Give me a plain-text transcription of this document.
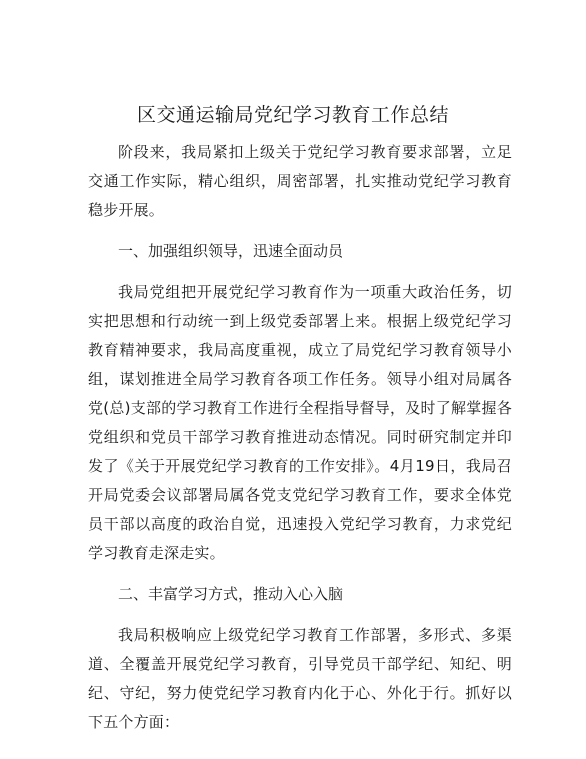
区交通运输局党纪学习教育工作总结

阶段来，我局紧扣上级关于党纪学习教育要求部署，立足交通工作实际，精心组织，周密部署，扎实推动党纪学习教育稳步开展。

一、加强组织领导，迅速全面动员

我局党组把开展党纪学习教育作为一项重大政治任务，切实把思想和行动统一到上级党委部署上来。根据上级党纪学习教育精神要求，我局高度重视，成立了局党纪学习教育领导小组，谋划推进全局学习教育各项工作任务。领导小组对局属各党(总)支部的学习教育工作进行全程指导督导，及时了解掌握各党组织和党员干部学习教育推进动态情况。同时研究制定并印发了《关于开展党纪学习教育的工作安排》。4月19日，我局召开局党委会议部署局属各党支党纪学习教育工作，要求全体党员干部以高度的政治自觉，迅速投入党纪学习教育，力求党纪学习教育走深走实。

二、丰富学习方式，推动入心入脑

我局积极响应上级党纪学习教育工作部署，多形式、多渠道、全覆盖开展党纪学习教育，引导党员干部学纪、知纪、明纪、守纪，努力使党纪学习教育内化于心、外化于行。抓好以下五个方面：
